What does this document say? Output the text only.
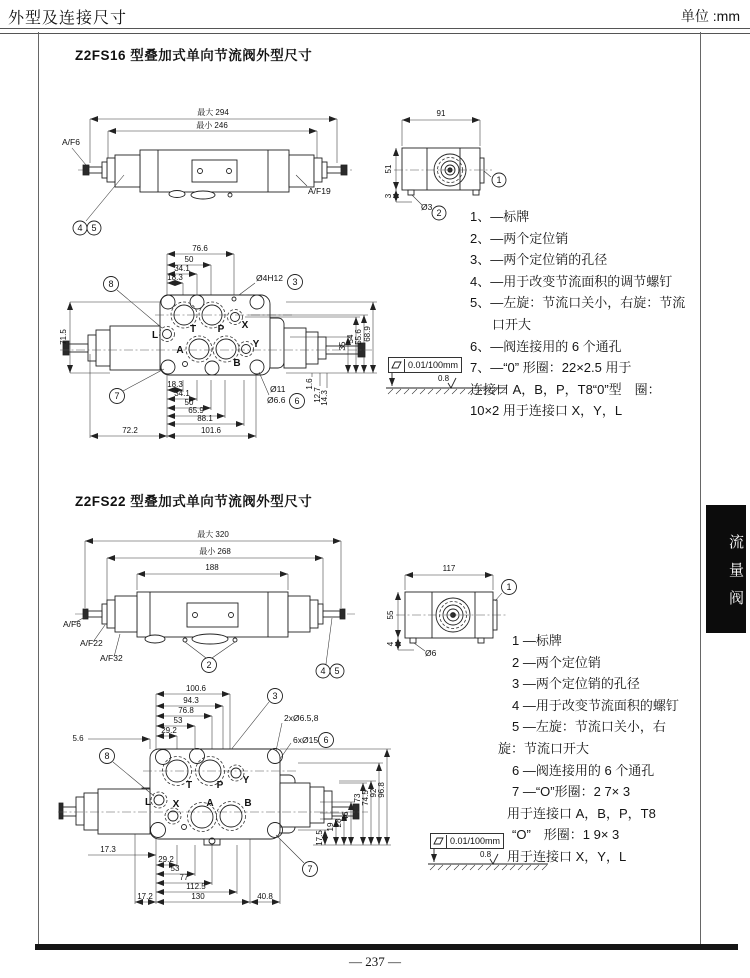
外型及连接尺寸	单位 :mm
流量阀
— 237 —
Z2FS16 型叠加式单向节流阀外型尺寸
最大 294
最小 246
A/F6
A/F19
4 5
91
51
3
Ø3
2
1
1、—标牌
2、—两个定位销
3、—两个定位销的孔径
4、—用于改变节流面积的调节螺钉
5、—左旋：节流口关小，右旋：节流
口开大
6、—阀连接用的 6 个通孔
7、—“0” 形圈：22×2.5 用于
连接口 A，B，P，T8“0”型　圈：
10×2 用于连接口 X，Y，L
76.6
50
34.1
18.3	Ø4H12 3
T P X
L
A
Y
B
71.5
35
54 55.6 68.9
1.6
12.7
14.3
18.3
34.1
50
65.9
88.1
101.6
72.2
Ø11
Ø6.6 6
7
8
0.8
0.01/100mm
Z2FS22 型叠加式单向节流阀外型尺寸
最大 320
最小 268
188
A/F6
A/F22
A/F32
2
4 5
117
55
4
Ø6
1
1 —标牌
2 —两个定位销
3 —两个定位销的孔径
4 —用于改变节流面积的螺钉
5 —左旋：节流口关小，右
旋：节流口开大
6 —阀连接用的 6 个通孔
7 —“O”形圈：2 7× 3
用于连接口 A，B，P，T8
“O”　形圈：1 9× 3
用于连接口 X，Y，L
100.6
94.3
76.8
53
29.2
5.6
3
2xØ6.5,8
6xØ15 6
T P Y
L X	A	B
8
17.5
19 28
46
73 74.5 92 96.8
17.3
29.2
53
77
112.5
17.2	130	40.8
7
0.8
0.01/100mm
